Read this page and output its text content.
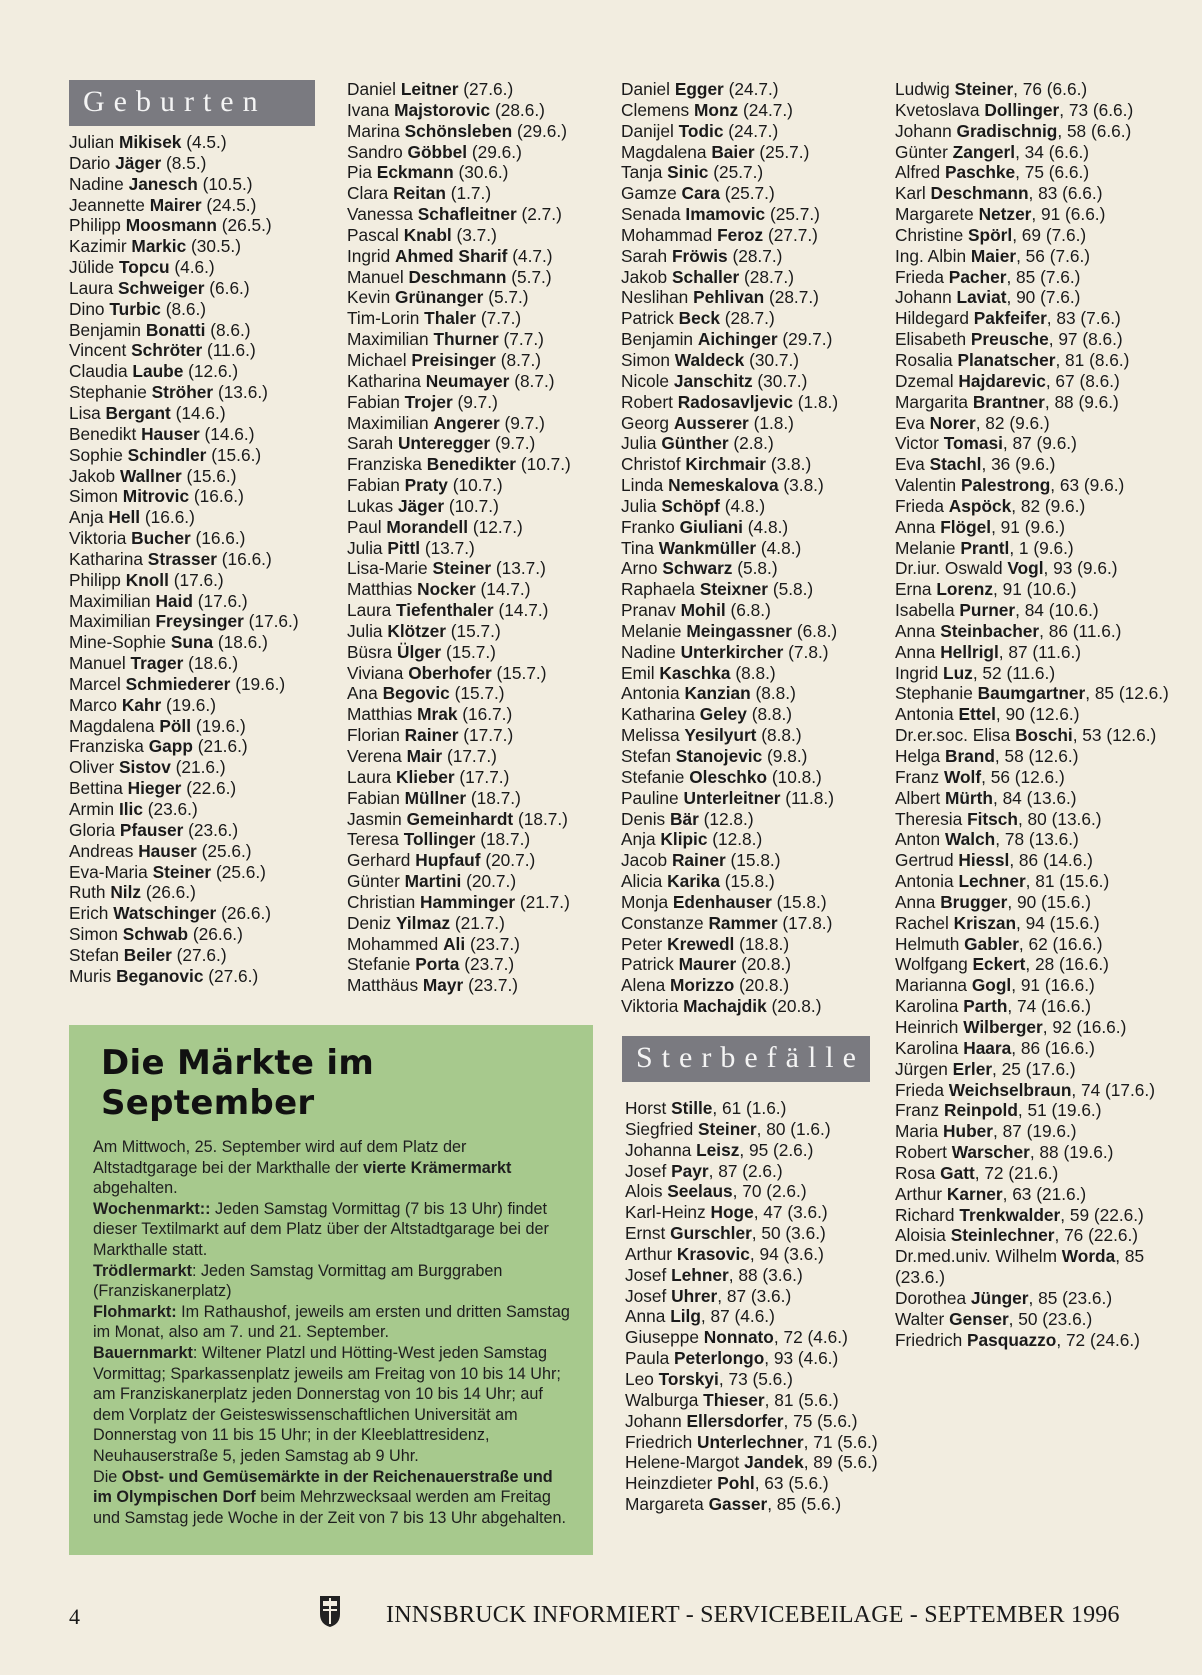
Geburten
Julian Mikisek (4.5.)
Dario Jäger (8.5.)
Nadine Janesch (10.5.)
Jeannette Mairer (24.5.)
Philipp Moosmann (26.5.)
Kazimir Markic (30.5.)
Jülide Topcu (4.6.)
Laura Schweiger (6.6.)
Dino Turbic (8.6.)
Benjamin Bonatti (8.6.)
Vincent Schröter (11.6.)
Claudia Laube (12.6.)
Stephanie Ströher (13.6.)
Lisa Bergant (14.6.)
Benedikt Hauser (14.6.)
Sophie Schindler (15.6.)
Jakob Wallner (15.6.)
Simon Mitrovic (16.6.)
Anja Hell (16.6.)
Viktoria Bucher (16.6.)
Katharina Strasser (16.6.)
Philipp Knoll (17.6.)
Maximilian Haid (17.6.)
Maximilian Freysinger (17.6.)
Mine-Sophie Suna (18.6.)
Manuel Trager (18.6.)
Marcel Schmiederer (19.6.)
Marco Kahr (19.6.)
Magdalena Pöll (19.6.)
Franziska Gapp (21.6.)
Oliver Sistov (21.6.)
Bettina Hieger (22.6.)
Armin Ilic (23.6.)
Gloria Pfauser (23.6.)
Andreas Hauser (25.6.)
Eva-Maria Steiner (25.6.)
Ruth Nilz (26.6.)
Erich Watschinger (26.6.)
Simon Schwab (26.6.)
Stefan Beiler (27.6.)
Muris Beganovic (27.6.)
Daniel Leitner (27.6.)
Ivana Majstorovic (28.6.)
Marina Schönsleben (29.6.)
Sandro Göbbel (29.6.)
Pia Eckmann (30.6.)
Clara Reitan (1.7.)
Vanessa Schafleitner (2.7.)
Pascal Knabl (3.7.)
Ingrid Ahmed Sharif (4.7.)
Manuel Deschmann (5.7.)
Kevin Grünanger (5.7.)
Tim-Lorin Thaler (7.7.)
Maximilian Thurner (7.7.)
Michael Preisinger (8.7.)
Katharina Neumayer (8.7.)
Fabian Trojer (9.7.)
Maximilian Angerer (9.7.)
Sarah Unteregger (9.7.)
Franziska Benedikter (10.7.)
Fabian Praty (10.7.)
Lukas Jäger (10.7.)
Paul Morandell (12.7.)
Julia Pittl (13.7.)
Lisa-Marie Steiner (13.7.)
Matthias Nocker (14.7.)
Laura Tiefenthaler (14.7.)
Julia Klötzer (15.7.)
Büsra Ülger (15.7.)
Viviana Oberhofer (15.7.)
Ana Begovic (15.7.)
Matthias Mrak (16.7.)
Florian Rainer (17.7.)
Verena Mair (17.7.)
Laura Klieber (17.7.)
Fabian Müllner (18.7.)
Jasmin Gemeinhardt (18.7.)
Teresa Tollinger (18.7.)
Gerhard Hupfauf (20.7.)
Günter Martini (20.7.)
Christian Hamminger (21.7.)
Deniz Yilmaz (21.7.)
Mohammed Ali (23.7.)
Stefanie Porta (23.7.)
Matthäus Mayr (23.7.)
Daniel Egger (24.7.)
Clemens Monz (24.7.)
Danijel Todic (24.7.)
Magdalena Baier (25.7.)
Tanja Sinic (25.7.)
Gamze Cara (25.7.)
Senada Imamovic (25.7.)
Mohammad Feroz (27.7.)
Sarah Fröwis (28.7.)
Jakob Schaller (28.7.)
Neslihan Pehlivan (28.7.)
Patrick Beck (28.7.)
Benjamin Aichinger (29.7.)
Simon Waldeck (30.7.)
Nicole Janschitz (30.7.)
Robert Radosavljevic (1.8.)
Georg Ausserer (1.8.)
Julia Günther (2.8.)
Christof Kirchmair (3.8.)
Linda Nemeskalova (3.8.)
Julia Schöpf (4.8.)
Franko Giuliani (4.8.)
Tina Wankmüller (4.8.)
Arno Schwarz (5.8.)
Raphaela Steixner (5.8.)
Pranav Mohil (6.8.)
Melanie Meingassner (6.8.)
Nadine Unterkircher (7.8.)
Emil Kaschka (8.8.)
Antonia Kanzian (8.8.)
Katharina Geley (8.8.)
Melissa Yesilyurt (8.8.)
Stefan Stanojevic (9.8.)
Stefanie Oleschko (10.8.)
Pauline Unterleitner (11.8.)
Denis Bär (12.8.)
Anja Klipic (12.8.)
Jacob Rainer (15.8.)
Alicia Karika (15.8.)
Monja Edenhauser (15.8.)
Constanze Rammer (17.8.)
Peter Krewedl (18.8.)
Patrick Maurer (20.8.)
Alena Morizzo (20.8.)
Viktoria Machajdik (20.8.)
Sterbefälle
Horst Stille, 61 (1.6.)
Siegfried Steiner, 80 (1.6.)
Johanna Leisz, 95 (2.6.)
Josef Payr, 87 (2.6.)
Alois Seelaus, 70 (2.6.)
Karl-Heinz Hoge, 47 (3.6.)
Ernst Gurschler, 50 (3.6.)
Arthur Krasovic, 94 (3.6.)
Josef Lehner, 88 (3.6.)
Josef Uhrer, 87 (3.6.)
Anna Lilg, 87 (4.6.)
Giuseppe Nonnato, 72 (4.6.)
Paula Peterlongo, 93 (4.6.)
Leo Torskyi, 73 (5.6.)
Walburga Thieser, 81 (5.6.)
Johann Ellersdorfer, 75 (5.6.)
Friedrich Unterlechner, 71 (5.6.)
Helene-Margot Jandek, 89 (5.6.)
Heinzdieter Pohl, 63 (5.6.)
Margareta Gasser, 85 (5.6.)
Ludwig Steiner, 76 (6.6.)
Kvetoslava Dollinger, 73 (6.6.)
Johann Gradischnig, 58 (6.6.)
Günter Zangerl, 34 (6.6.)
Alfred Paschke, 75 (6.6.)
Karl Deschmann, 83 (6.6.)
Margarete Netzer, 91 (6.6.)
Christine Spörl, 69 (7.6.)
Ing. Albin Maier, 56 (7.6.)
Frieda Pacher, 85 (7.6.)
Johann Laviat, 90 (7.6.)
Hildegard Pakfeifer, 83 (7.6.)
Elisabeth Preusche, 97 (8.6.)
Rosalia Planatscher, 81 (8.6.)
Dzemal Hajdarevic, 67 (8.6.)
Margarita Brantner, 88 (9.6.)
Eva Norer, 82 (9.6.)
Victor Tomasi, 87 (9.6.)
Eva Stachl, 36 (9.6.)
Valentin Palestrong, 63 (9.6.)
Frieda Aspöck, 82 (9.6.)
Anna Flögel, 91 (9.6.)
Melanie Prantl, 1 (9.6.)
Dr.iur. Oswald Vogl, 93 (9.6.)
Erna Lorenz, 91 (10.6.)
Isabella Purner, 84 (10.6.)
Anna Steinbacher, 86 (11.6.)
Anna Hellrigl, 87 (11.6.)
Ingrid Luz, 52 (11.6.)
Stephanie Baumgartner, 85 (12.6.)
Antonia Ettel, 90 (12.6.)
Dr.er.soc. Elisa Boschi, 53 (12.6.)
Helga Brand, 58 (12.6.)
Franz Wolf, 56 (12.6.)
Albert Mürth, 84 (13.6.)
Theresia Fitsch, 80 (13.6.)
Anton Walch, 78 (13.6.)
Gertrud Hiessl, 86 (14.6.)
Antonia Lechner, 81 (15.6.)
Anna Brugger, 90 (15.6.)
Rachel Kriszan, 94 (15.6.)
Helmuth Gabler, 62 (16.6.)
Wolfgang Eckert, 28 (16.6.)
Marianna Gogl, 91 (16.6.)
Karolina Parth, 74 (16.6.)
Heinrich Wilberger, 92 (16.6.)
Karolina Haara, 86 (16.6.)
Jürgen Erler, 25 (17.6.)
Frieda Weichselbraun, 74 (17.6.)
Franz Reinpold, 51 (19.6.)
Maria Huber, 87 (19.6.)
Robert Warscher, 88 (19.6.)
Rosa Gatt, 72 (21.6.)
Arthur Karner, 63 (21.6.)
Richard Trenkwalder, 59 (22.6.)
Aloisia Steinlechner, 76 (22.6.)
Dr.med.univ. Wilhelm Worda, 85 (23.6.)
Dorothea Jünger, 85 (23.6.)
Walter Genser, 50 (23.6.)
Friedrich Pasquazzo, 72 (24.6.)
Die Märkte im September

Am Mittwoch, 25. September wird auf dem Platz der Altstadtgarage bei der Markthalle der vierte Krämermarkt abgehalten.

Wochenmarkt:: Jeden Samstag Vormittag (7 bis 13 Uhr) findet dieser Textilmarkt auf dem Platz über der Altstadtgarage bei der Markthalle statt.

Trödlermarkt: Jeden Samstag Vormittag am Burggraben (Franziskanerplatz)

Flohmarkt: Im Rathaushof, jeweils am ersten und dritten Samstag im Monat, also am 7. und 21. September.

Bauernmarkt: Wiltener Platzl und Hötting-West jeden Samstag Vormittag; Sparkassenplatz jeweils am Freitag von 10 bis 14 Uhr; am Franziskanerplatz jeden Donnerstag von 10 bis 14 Uhr; auf dem Vorplatz der Geisteswissenschaftlichen Universität am Donnerstag von 11 bis 15 Uhr; in der Kleeblattresidenz, Neuhauserstraße 5, jeden Samstag ab 9 Uhr.

Die Obst- und Gemüsemärkte in der Reichenauerstraße und im Olympischen Dorf beim Mehrzwecksaal werden am Freitag und Samstag jede Woche in der Zeit von 7 bis 13 Uhr abgehalten.

4	INNSBRUCK INFORMIERT - SERVICEBEILAGE - SEPTEMBER 1996
